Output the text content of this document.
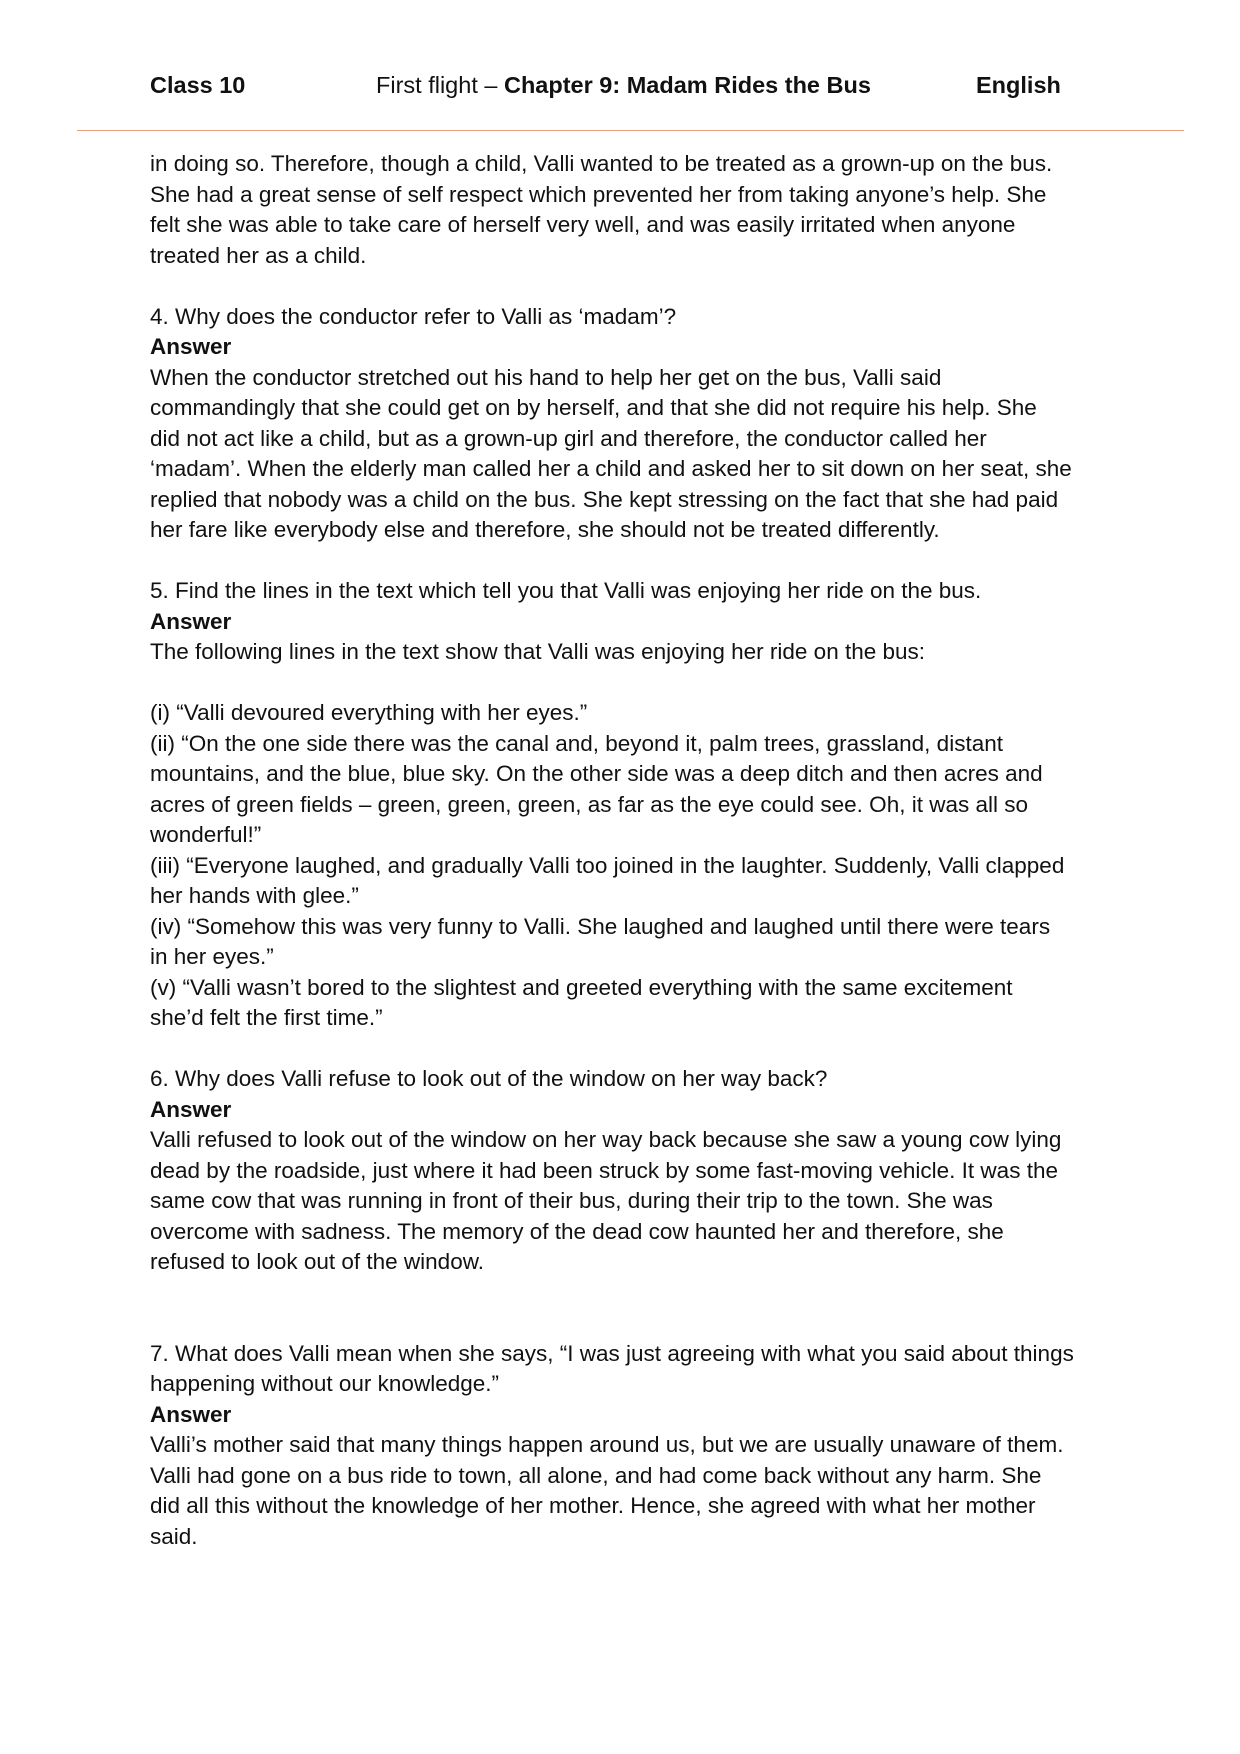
Class 10	First flight – Chapter 9: Madam Rides the Bus	English

in doing so. Therefore, though a child, Valli wanted to be treated as a grown-up on the bus.

She had a great sense of self respect which prevented her from taking anyone’s help. She

felt she was able to take care of herself very well, and was easily irritated when anyone

treated her as a child.

4. Why does the conductor refer to Valli as ‘madam’?

Answer

When the conductor stretched out his hand to help her get on the bus, Valli said

commandingly that she could get on by herself, and that she did not require his help. She

did not act like a child, but as a grown-up girl and therefore, the conductor called her

‘madam’. When the elderly man called her a child and asked her to sit down on her seat, she

replied that nobody was a child on the bus. She kept stressing on the fact that she had paid

her fare like everybody else and therefore, she should not be treated differently.

5. Find the lines in the text which tell you that Valli was enjoying her ride on the bus.

Answer

The following lines in the text show that Valli was enjoying her ride on the bus:

(i) “Valli devoured everything with her eyes.”

(ii) “On the one side there was the canal and, beyond it, palm trees, grassland, distant

mountains, and the blue, blue sky. On the other side was a deep ditch and then acres and

acres of green fields – green, green, green, as far as the eye could see. Oh, it was all so

wonderful!”

(iii) “Everyone laughed, and gradually Valli too joined in the laughter. Suddenly, Valli clapped

her hands with glee.”

(iv) “Somehow this was very funny to Valli. She laughed and laughed until there were tears

in her eyes.”

(v) “Valli wasn’t bored to the slightest and greeted everything with the same excitement

she’d felt the first time.”

6. Why does Valli refuse to look out of the window on her way back?

Answer

Valli refused to look out of the window on her way back because she saw a young cow lying

dead by the roadside, just where it had been struck by some fast-moving vehicle. It was the

same cow that was running in front of their bus, during their trip to the town. She was

overcome with sadness. The memory of the dead cow haunted her and therefore, she

refused to look out of the window.

7. What does Valli mean when she says, “I was just agreeing with what you said about things

happening without our knowledge.”

Answer

Valli’s mother said that many things happen around us, but we are usually unaware of them.

Valli had gone on a bus ride to town, all alone, and had come back without any harm. She

did all this without the knowledge of her mother. Hence, she agreed with what her mother

said.
